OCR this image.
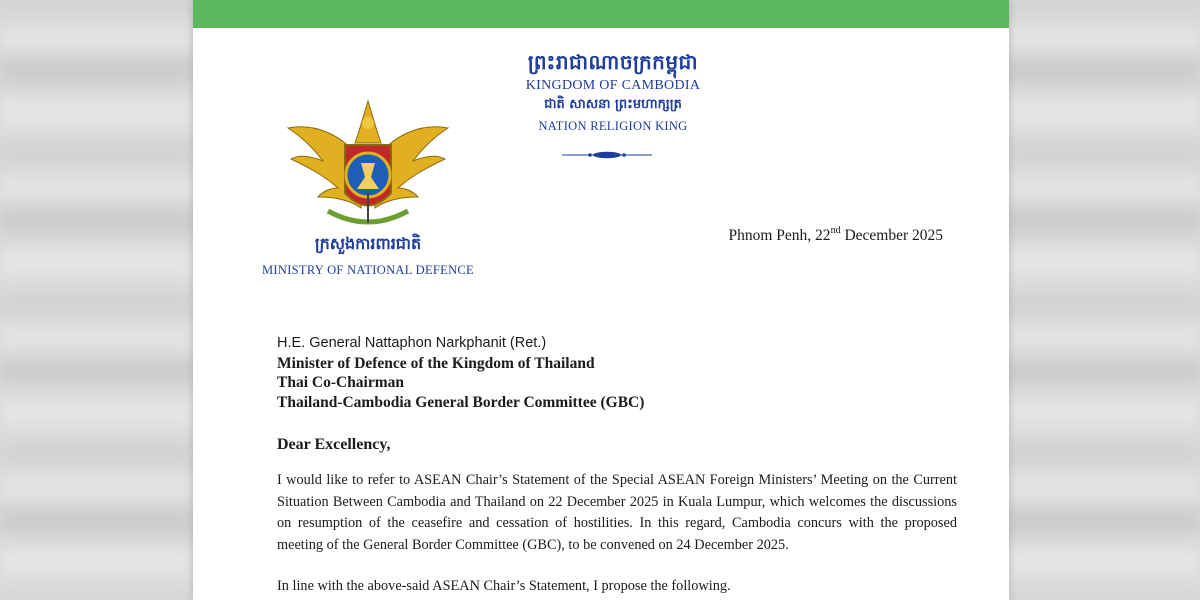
ព្រះរាជាណាចក្រកម្ពុជា
KINGDOM OF CAMBODIA
ជាតិ សាសនា ព្រះមហាក្សត្រ
NATION RELIGION KING
ក្រសួងការពារជាតិ
MINISTRY OF NATIONAL DEFENCE
Phnom Penh, 22nd December 2025
H.E. General Nattaphon Narkphanit (Ret.)
Minister of Defence of the Kingdom of Thailand
Thai Co-Chairman
Thailand-Cambodia General Border Committee (GBC)
Dear Excellency,

I would like to refer to ASEAN Chair’s Statement of the Special ASEAN Foreign Ministers’ Meeting on the Current Situation Between Cambodia and Thailand on 22 December 2025 in Kuala Lumpur, which welcomes the discussions on resumption of the ceasefire and cessation of hostilities. In this regard, Cambodia concurs with the proposed meeting of the General Border Committee (GBC), to be convened on 24 December 2025.

In line with the above-said ASEAN Chair’s Statement, I propose the following.
